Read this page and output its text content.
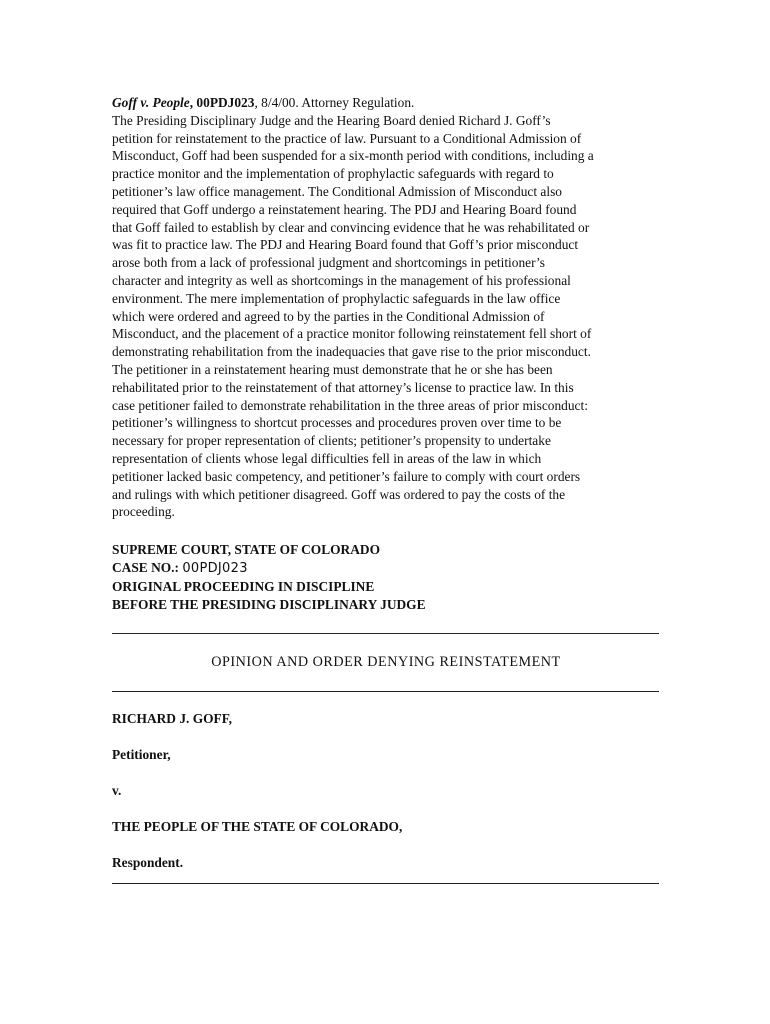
Goff v. People, 00PDJ023, 8/4/00. Attorney Regulation.
The Presiding Disciplinary Judge and the Hearing Board denied Richard J. Goff’s
petition for reinstatement to the practice of law. Pursuant to a Conditional Admission of
Misconduct, Goff had been suspended for a six-month period with conditions, including a
practice monitor and the implementation of prophylactic safeguards with regard to
petitioner’s law office management. The Conditional Admission of Misconduct also
required that Goff undergo a reinstatement hearing. The PDJ and Hearing Board found
that Goff failed to establish by clear and convincing evidence that he was rehabilitated or
was fit to practice law. The PDJ and Hearing Board found that Goff’s prior misconduct
arose both from a lack of professional judgment and shortcomings in petitioner’s
character and integrity as well as shortcomings in the management of his professional
environment. The mere implementation of prophylactic safeguards in the law office
which were ordered and agreed to by the parties in the Conditional Admission of
Misconduct, and the placement of a practice monitor following reinstatement fell short of
demonstrating rehabilitation from the inadequacies that gave rise to the prior misconduct.
The petitioner in a reinstatement hearing must demonstrate that he or she has been
rehabilitated prior to the reinstatement of that attorney’s license to practice law. In this
case petitioner failed to demonstrate rehabilitation in the three areas of prior misconduct:
petitioner’s willingness to shortcut processes and procedures proven over time to be
necessary for proper representation of clients; petitioner’s propensity to undertake
representation of clients whose legal difficulties fell in areas of the law in which
petitioner lacked basic competency, and petitioner’s failure to comply with court orders
and rulings with which petitioner disagreed. Goff was ordered to pay the costs of the
proceeding.
SUPREME COURT, STATE OF COLORADO
CASE NO.: 00PDJ023
ORIGINAL PROCEEDING IN DISCIPLINE
BEFORE THE PRESIDING DISCIPLINARY JUDGE
OPINION AND ORDER DENYING REINSTATEMENT
RICHARD J. GOFF,
Petitioner,
v.
THE PEOPLE OF THE STATE OF COLORADO,
Respondent.
